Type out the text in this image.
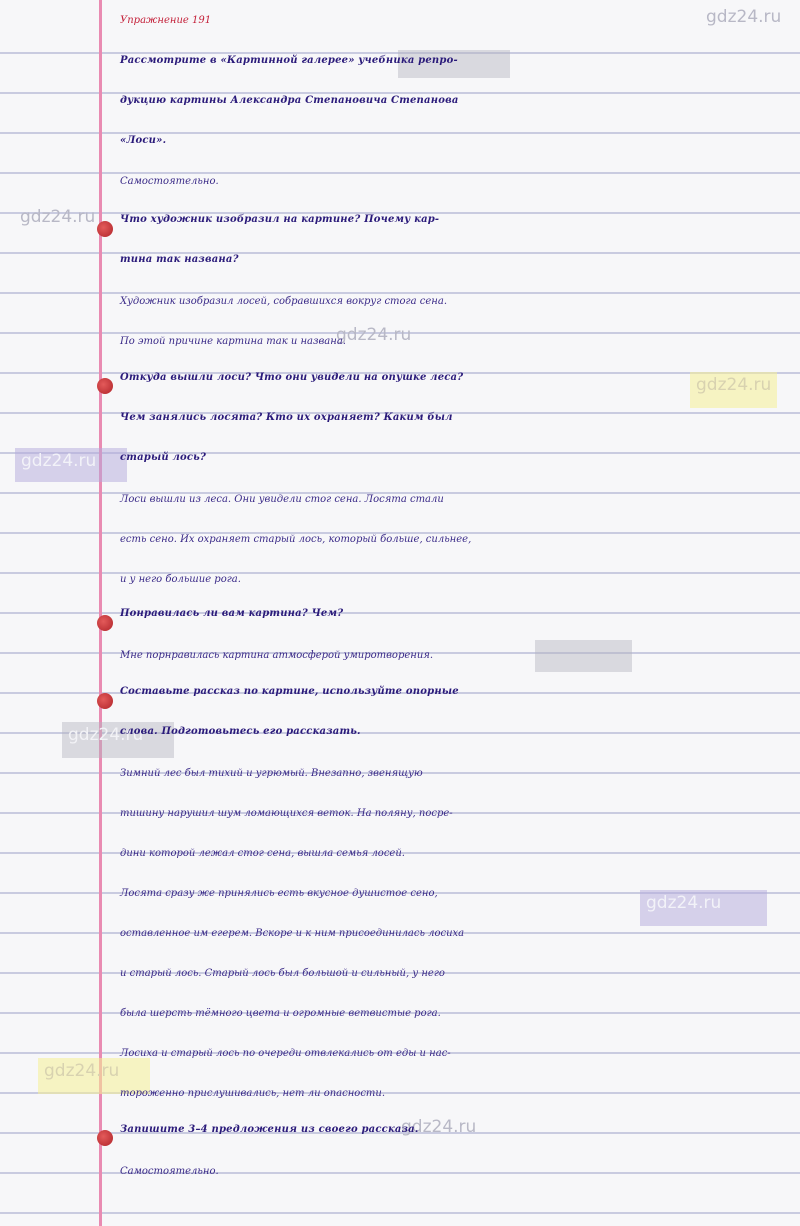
gdz24.ru
gdz24.ru
gdz24.ru
gdz24.ru
gdz24.ru
gdz24.ru
gdz24.ru
gdz24.ru
gdz24.ru
Упражнение 191
Рассмотрите в «Картинной галерее» учебника репро-
дукцию картины Александра Степановича Степанова
«Лоси».
Самостоятельно.
Что художник изобразил на картине? Почему кар-
тина так названа?
Художник изобразил лосей, собравшихся вокруг стога сена.
По этой причине картина так и названа.
Откуда вышли лоси? Что они увидели на опушке леса?
Чем занялись лосята? Кто их охраняет? Каким был
старый лось?
Лоси вышли из леса. Они увидели стог сена. Лосята стали
есть сено. Их охраняет старый лось, который больше, сильнее,
и у него большие рога.
Понравилась ли вам картина? Чем?
Мне порнравилась картина атмосферой умиротворения.
Составьте рассказ по картине, используйте опорные
слова. Подготовьтесь его рассказать.
Зимний лес был тихий и угрюмый. Внезапно, звенящую
тишину нарушил шум ломающихся веток. На поляну, посре-
дини которой лежал стог сена, вышла семья лосей.
Лосята сразу же принялись есть вкусное душистое сено,
оставленное им егерем. Вскоре и к ним присоединилась лосиха
и старый лось. Старый лось был большой и сильный, у него
была шерсть тёмного цвета и огромные ветвистые рога.
Лосиха и старый лось по очереди отвлекались от еды и нас-
тороженно прислушивались, нет ли опасности.
Запишите 3–4 предложения из своего рассказа.
Самостоятельно.
